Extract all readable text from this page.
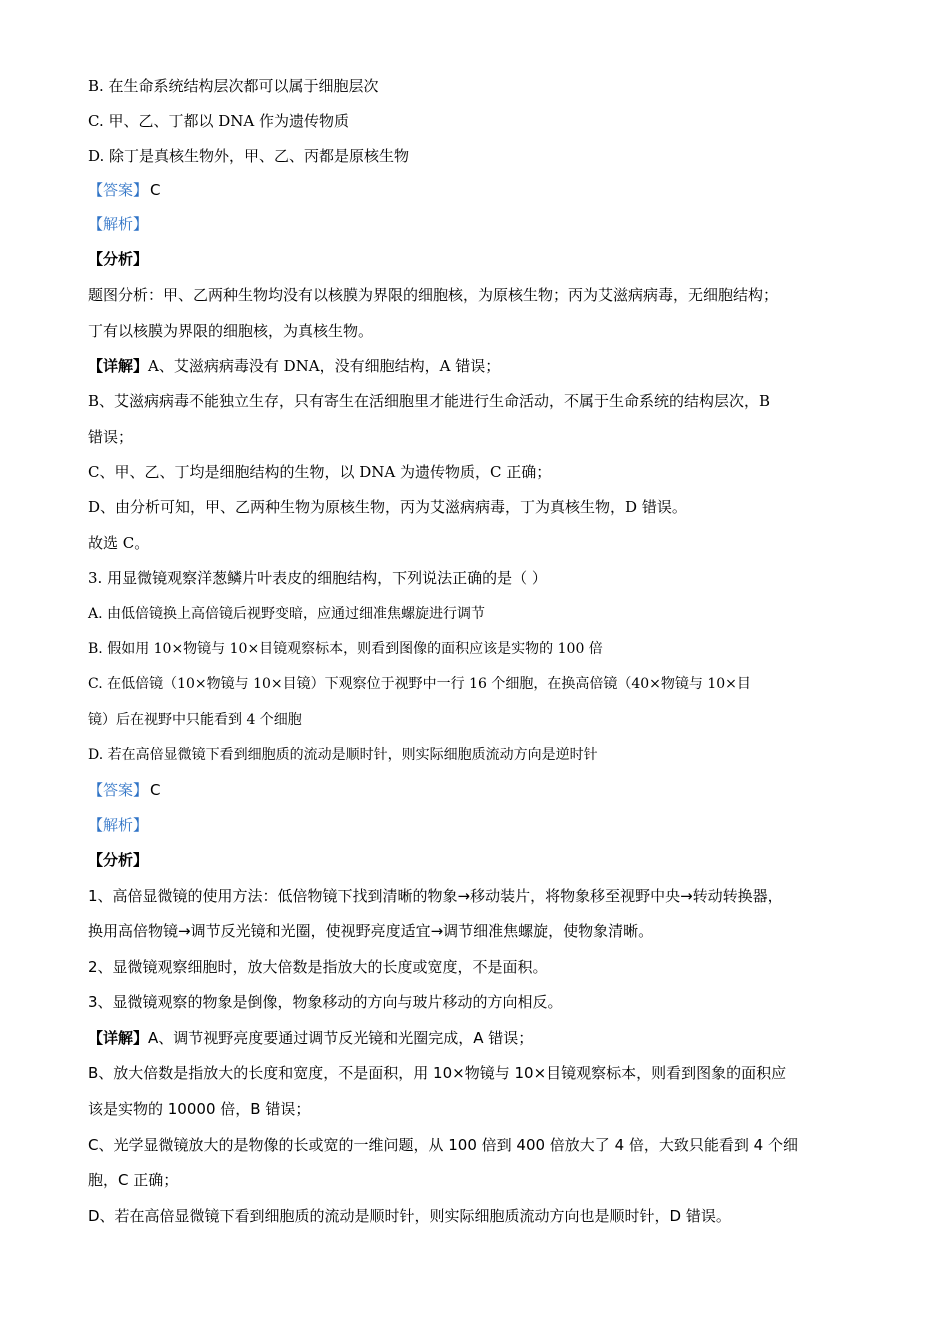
B. 在生命系统结构层次都可以属于细胞层次
C. 甲、乙、丁都以 DNA 作为遗传物质
D. 除丁是真核生物外，甲、乙、丙都是原核生物
【答案】 C
【解析】
【分析】
题图分析：甲、乙两种生物均没有以核膜为界限的细胞核，为原核生物；丙为艾滋病病毒，无细胞结构；
丁有以核膜为界限的细胞核，为真核生物。
【详解】A、艾滋病病毒没有 DNA，没有细胞结构，A 错误；
B、艾滋病病毒不能独立生存，只有寄生在活细胞里才能进行生命活动，不属于生命系统的结构层次，B
错误；
C、甲、乙、丁均是细胞结构的生物，以 DNA 为遗传物质，C 正确；
D、由分析可知，甲、乙两种生物为原核生物，丙为艾滋病病毒，丁为真核生物，D 错误。
故选 C。
3. 用显微镜观察洋葱鳞片叶表皮的细胞结构，下列说法正确的是（ ）
A. 由低倍镜换上高倍镜后视野变暗，应通过细准焦螺旋进行调节
B. 假如用 10×物镜与 10×目镜观察标本，则看到图像的面积应该是实物的 100 倍
C. 在低倍镜（10×物镜与 10×目镜）下观察位于视野中一行 16 个细胞，在换高倍镜（40×物镜与 10×目
镜）后在视野中只能看到 4 个细胞
D. 若在高倍显微镜下看到细胞质的流动是顺时针，则实际细胞质流动方向是逆时针
【答案】 C
【解析】
【分析】
1、高倍显微镜的使用方法：低倍物镜下找到清晰的物象→移动装片，将物象移至视野中央→转动转换器，
换用高倍物镜→调节反光镜和光圈，使视野亮度适宜→调节细准焦螺旋，使物象清晰。
2、显微镜观察细胞时，放大倍数是指放大的长度或宽度，不是面积。
3、显微镜观察的物象是倒像，物象移动的方向与玻片移动的方向相反。
【详解】A、调节视野亮度要通过调节反光镜和光圈完成，A 错误；
B、放大倍数是指放大的长度和宽度，不是面积，用 10×物镜与 10×目镜观察标本，则看到图象的面积应
该是实物的 10000 倍，B 错误；
C、光学显微镜放大的是物像的长或宽的一维问题，从 100 倍到 400 倍放大了 4 倍，大致只能看到 4 个细
胞，C 正确；
D、若在高倍显微镜下看到细胞质的流动是顺时针，则实际细胞质流动方向也是顺时针，D 错误。
